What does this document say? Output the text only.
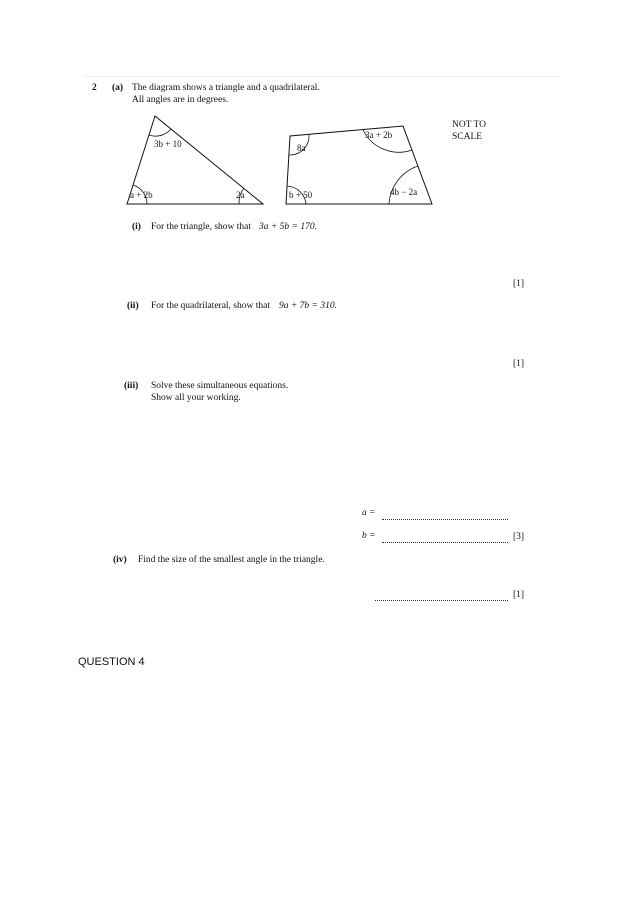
2 (a) The diagram shows a triangle and a quadrilateral.
All angles are in degrees.
NOT TO
SCALE
3b + 10
a + 2b	2a
8a
3a + 2b
b + 50	4b − 2a
(i) For the triangle, show that 3a + 5b = 170.
[1]
(ii) For the quadrilateral, show that 9a + 7b = 310.
[1]
(iii) Solve these simultaneous equations.
Show all your working.
a =
b =	[3]
(iv) Find the size of the smallest angle in the triangle.
[1]
QUESTION 4
